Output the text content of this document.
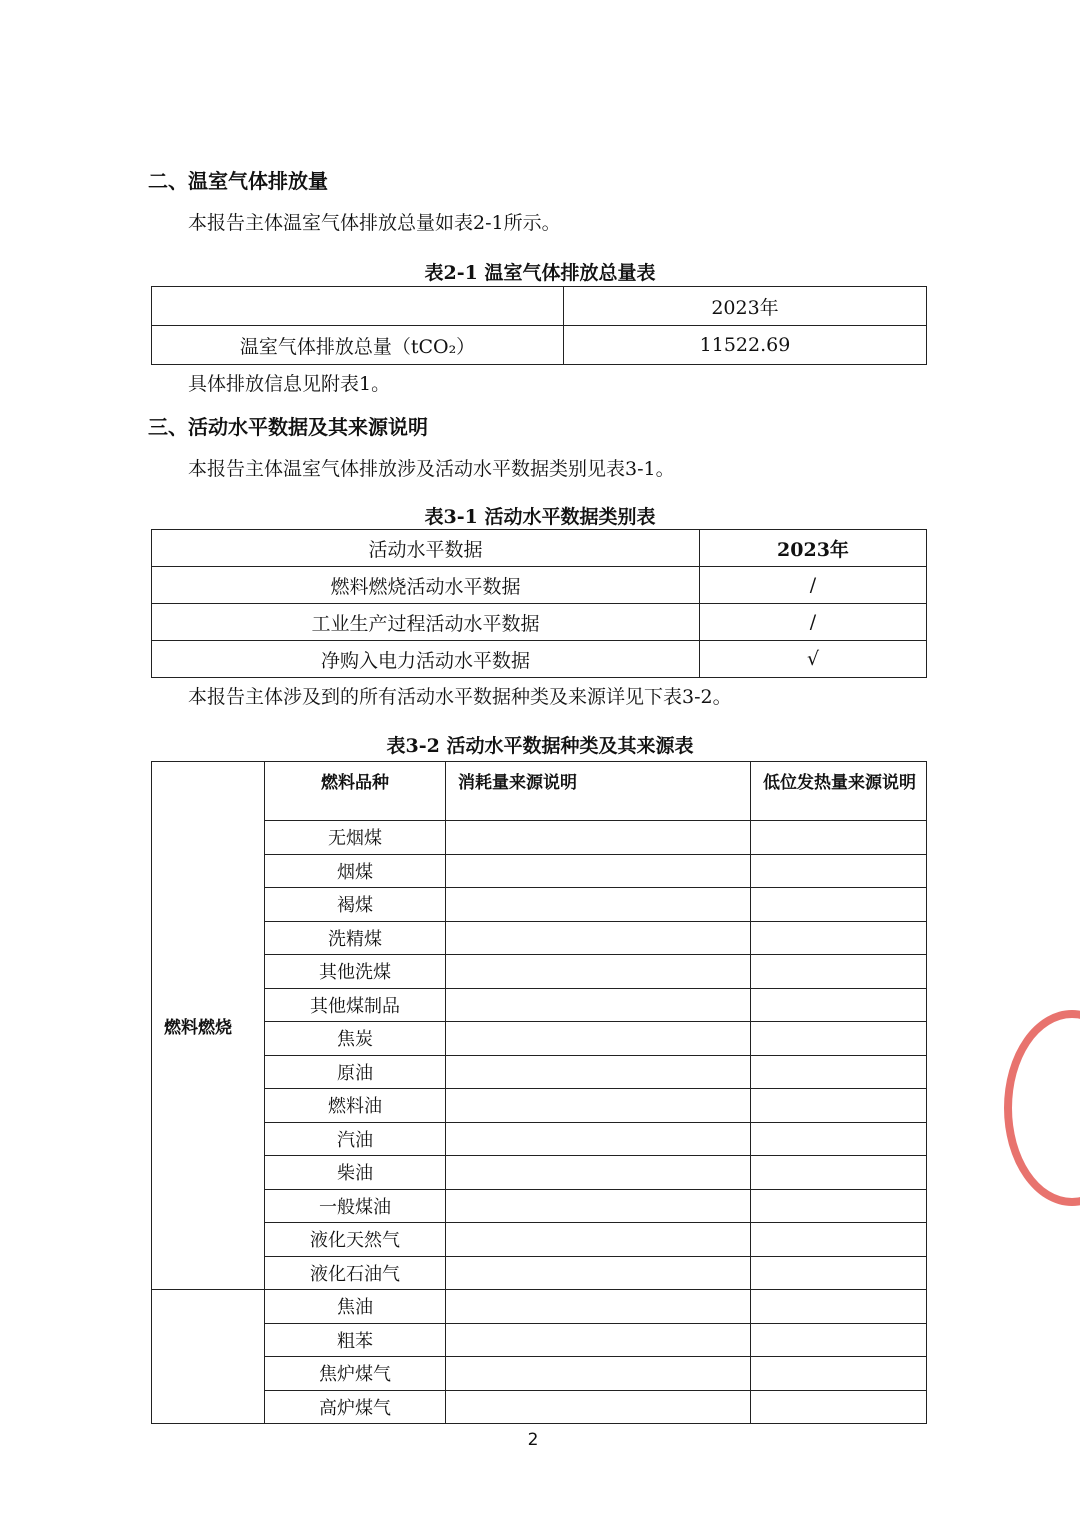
二、温室气体排放量
本报告主体温室气体排放总量如表2-1所示。
表2-1 温室气体排放总量表
	2023年
温室气体排放总量（tCO₂）	11522.69
具体排放信息见附表1。
三、活动水平数据及其来源说明
本报告主体温室气体排放涉及活动水平数据类别见表3-1。
表3-1 活动水平数据类别表
活动水平数据	2023年
燃料燃烧活动水平数据	/
工业生产过程活动水平数据	/
净购入电力活动水平数据	√
本报告主体涉及到的所有活动水平数据种类及来源详见下表3-2。
表3-2 活动水平数据种类及其来源表
燃料燃烧	燃料品种	消耗量来源说明	低位发热量来源说明
	无烟煤		
	烟煤		
	褐煤		
	洗精煤		
	其他洗煤		
	其他煤制品		
	焦炭		
	原油		
	燃料油		
	汽油		
	柴油		
	一般煤油		
	液化天然气		
	液化石油气		
	焦油		
	粗苯		
	焦炉煤气		
	高炉煤气		
2
